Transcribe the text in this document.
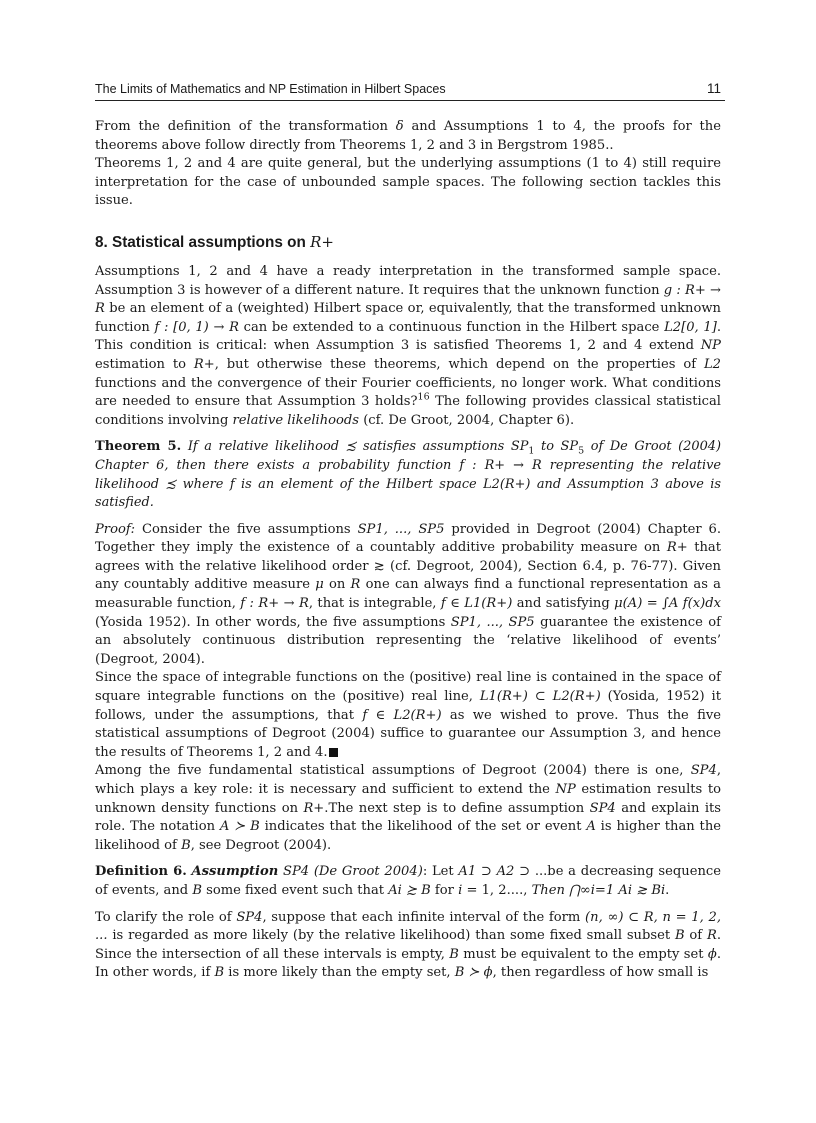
The Limits of Mathematics and NP Estimation in Hilbert Spaces	11

From the definition of the transformation δ and Assumptions 1 to 4, the proofs for the theorems above follow directly from Theorems 1, 2 and 3 in Bergstrom 1985..

Theorems 1, 2 and 4 are quite general, but the underlying assumptions (1 to 4) still require interpretation for the case of unbounded sample spaces. The following section tackles this issue.

8. Statistical assumptions on R+

Assumptions 1, 2 and 4 have a ready interpretation in the transformed sample space. Assumption 3 is however of a different nature. It requires that the unknown function g : R+ → R be an element of a (weighted) Hilbert space or, equivalently, that the transformed unknown function f : [0, 1) → R can be extended to a continuous function in the Hilbert space L2[0, 1]. This condition is critical: when Assumption 3 is satisfied Theorems 1, 2 and 4 extend NP estimation to R+, but otherwise these theorems, which depend on the properties of L2 functions and the convergence of their Fourier coefficients, no longer work. What conditions are needed to ensure that Assumption 3 holds?$^{16}$ The following provides classical statistical conditions involving relative likelihoods (cf. De Groot, 2004, Chapter 6).

Theorem 5. If a relative likelihood ≾ satisfies assumptions $SP_1$ to $SP_5$ of De Groot (2004) Chapter 6, then there exists a probability function f : R+ → R representing the relative likelihood ≾ where f is an element of the Hilbert space L2(R+) and Assumption 3 above is satisfied.

Proof: Consider the five assumptions SP1, ..., SP5 provided in Degroot (2004) Chapter 6. Together they imply the existence of a countably additive probability measure on R+ that agrees with the relative likelihood order ≳ (cf. Degroot, 2004), Section 6.4, p. 76-77). Given any countably additive measure μ on R one can always find a functional representation as a measurable function, f : R+ → R, that is integrable, f ∈ L1(R+) and satisfying μ(A) = ∫A f(x)dx (Yosida 1952). In other words, the five assumptions SP1, ..., SP5 guarantee the existence of an absolutely continuous distribution representing the ‘relative likelihood of events’ (Degroot, 2004).

Since the space of integrable functions on the (positive) real line is contained in the space of square integrable functions on the (positive) real line, L1(R+) ⊂ L2(R+) (Yosida, 1952) it follows, under the assumptions, that f ∈ L2(R+) as we wished to prove. Thus the five statistical assumptions of Degroot (2004) suffice to guarantee our Assumption 3, and hence the results of Theorems 1, 2 and 4.

Among the five fundamental statistical assumptions of Degroot (2004) there is one, SP4, which plays a key role: it is necessary and sufficient to extend the NP estimation results to unknown density functions on R+.The next step is to define assumption SP4 and explain its role. The notation A ≻ B indicates that the likelihood of the set or event A is higher than the likelihood of B, see Degroot (2004).

Definition 6. Assumption SP4 (De Groot 2004): Let A1 ⊃ A2 ⊃ ...be a decreasing sequence of events, and B some fixed event such that Ai ≿ B for i = 1, 2...., Then ⋂∞i=1 Ai ≳ Bi.

To clarify the role of SP4, suppose that each infinite interval of the form (n, ∞) ⊂ R, n = 1, 2, ... is regarded as more likely (by the relative likelihood) than some fixed small subset B of R. Since the intersection of all these intervals is empty, B must be equivalent to the empty set ϕ. In other words, if B is more likely than the empty set, B ≻ ϕ, then regardless of how small is
